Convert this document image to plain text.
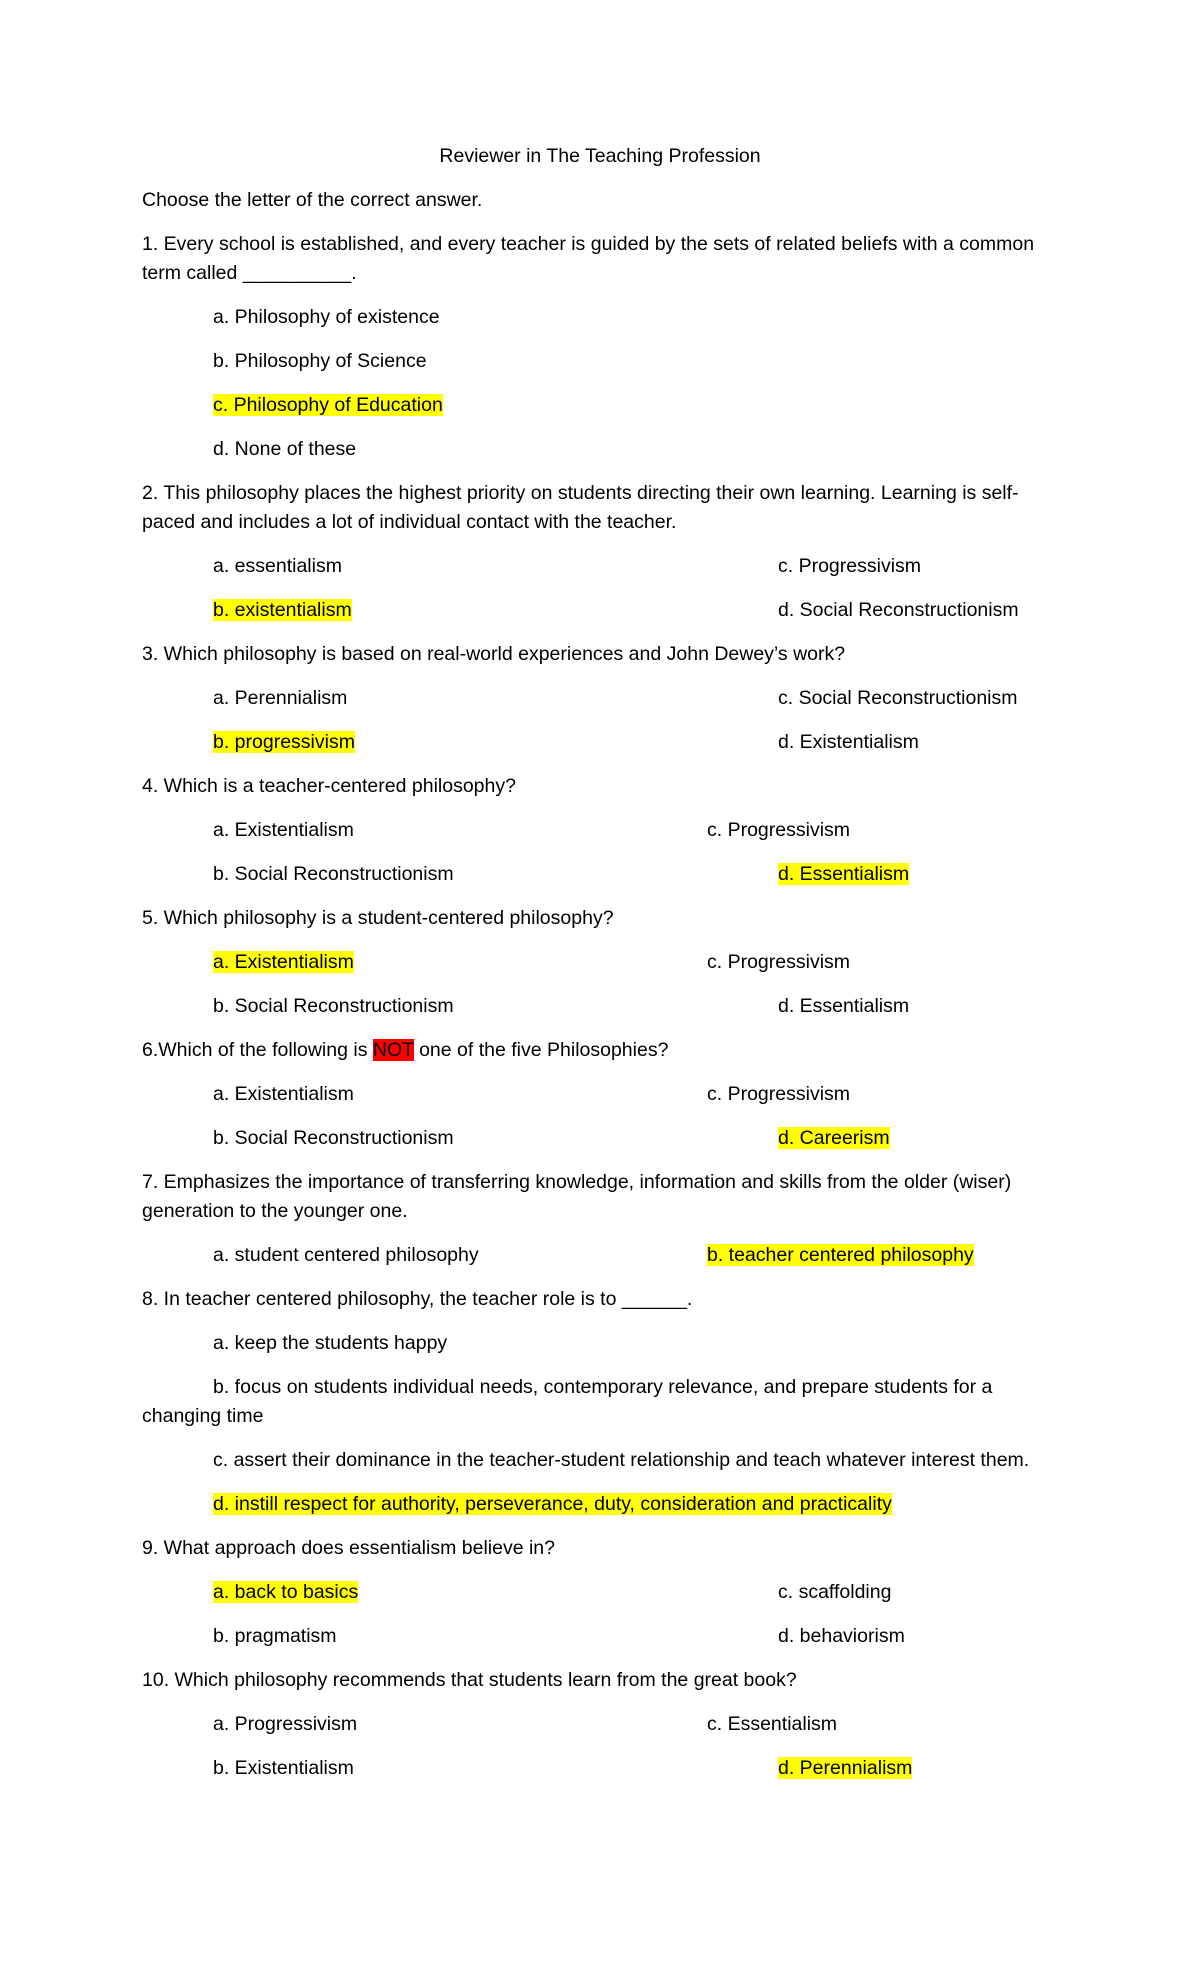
Reviewer in The Teaching Profession
Choose the letter of the correct answer.
1. Every school is established, and every teacher is guided by the sets of related beliefs with a common
term called __________.
a. Philosophy of existence
b. Philosophy of Science
c. Philosophy of Education
d. None of these
2. This philosophy places the highest priority on students directing their own learning. Learning is self-
paced and includes a lot of individual contact with the teacher.
a. essentialism	c. Progressivism
b. existentialism	d. Social Reconstructionism
3. Which philosophy is based on real-world experiences and John Dewey’s work?
a. Perennialism	c. Social Reconstructionism
b. progressivism	d. Existentialism
4. Which is a teacher-centered philosophy?
a. Existentialism	c. Progressivism
b. Social Reconstructionism	d. Essentialism
5. Which philosophy is a student-centered philosophy?
a. Existentialism	c. Progressivism
b. Social Reconstructionism	d. Essentialism
6.Which of the following is NOT one of the five Philosophies?
a. Existentialism	c. Progressivism
b. Social Reconstructionism	d. Careerism
7. Emphasizes the importance of transferring knowledge, information and skills from the older (wiser)
generation to the younger one.
a. student centered philosophy	b. teacher centered philosophy
8. In teacher centered philosophy, the teacher role is to ______.
a. keep the students happy
b. focus on students individual needs, contemporary relevance, and prepare students for a
changing time
c. assert their dominance in the teacher-student relationship and teach whatever interest them.
d. instill respect for authority, perseverance, duty, consideration and practicality
9. What approach does essentialism believe in?
a. back to basics	c. scaffolding
b. pragmatism	d. behaviorism
10. Which philosophy recommends that students learn from the great book?
a. Progressivism	c. Essentialism
b. Existentialism	d. Perennialism
